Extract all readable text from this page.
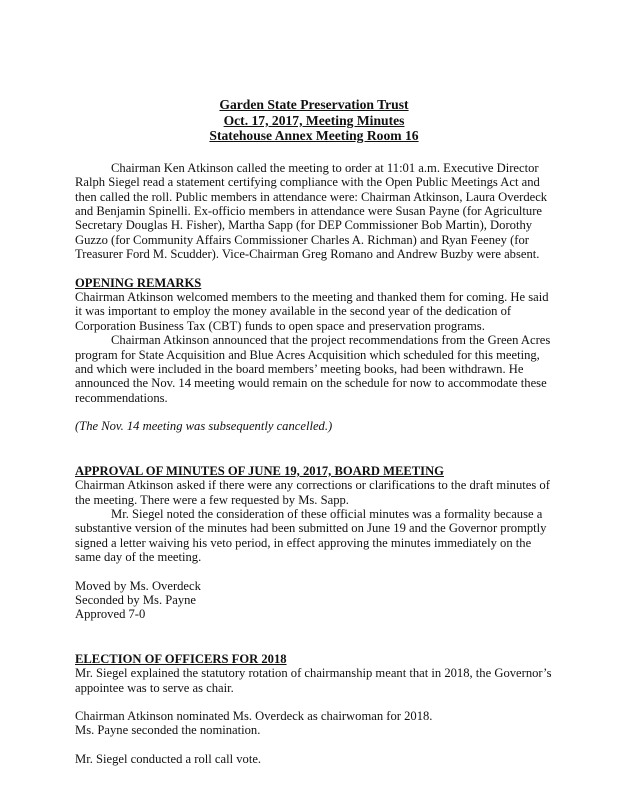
Garden State Preservation Trust
Oct. 17, 2017, Meeting Minutes
Statehouse Annex Meeting Room 16

Chairman Ken Atkinson called the meeting to order at 11:01 a.m. Executive Director Ralph Siegel read a statement certifying compliance with the Open Public Meetings Act and then called the roll. Public members in attendance were: Chairman Atkinson, Laura Overdeck and Benjamin Spinelli. Ex-officio members in attendance were Susan Payne (for Agriculture Secretary Douglas H. Fisher), Martha Sapp (for DEP Commissioner Bob Martin), Dorothy Guzzo (for Community Affairs Commissioner Charles A. Richman) and Ryan Feeney (for Treasurer Ford M. Scudder). Vice-Chairman Greg Romano and Andrew Buzby were absent.

OPENING REMARKS

Chairman Atkinson welcomed members to the meeting and thanked them for coming. He said it was important to employ the money available in the second year of the dedication of Corporation Business Tax (CBT) funds to open space and preservation programs.

Chairman Atkinson announced that the project recommendations from the Green Acres program for State Acquisition and Blue Acres Acquisition which scheduled for this meeting, and which were included in the board members’ meeting books, had been withdrawn. He announced the Nov. 14 meeting would remain on the schedule for now to accommodate these recommendations.

(The Nov. 14 meeting was subsequently cancelled.)

APPROVAL OF MINUTES OF JUNE 19, 2017, BOARD MEETING

Chairman Atkinson asked if there were any corrections or clarifications to the draft minutes of the meeting. There were a few requested by Ms. Sapp.

Mr. Siegel noted the consideration of these official minutes was a formality because a substantive version of the minutes had been submitted on June 19 and the Governor promptly signed a letter waiving his veto period, in effect approving the minutes immediately on the same day of the meeting.

Moved by Ms. Overdeck

Seconded by Ms. Payne

Approved 7-0

ELECTION OF OFFICERS FOR 2018

Mr. Siegel explained the statutory rotation of chairmanship meant that in 2018, the Governor’s appointee was to serve as chair.

Chairman Atkinson nominated Ms. Overdeck as chairwoman for 2018.

Ms. Payne seconded the nomination.

Mr. Siegel conducted a roll call vote.
